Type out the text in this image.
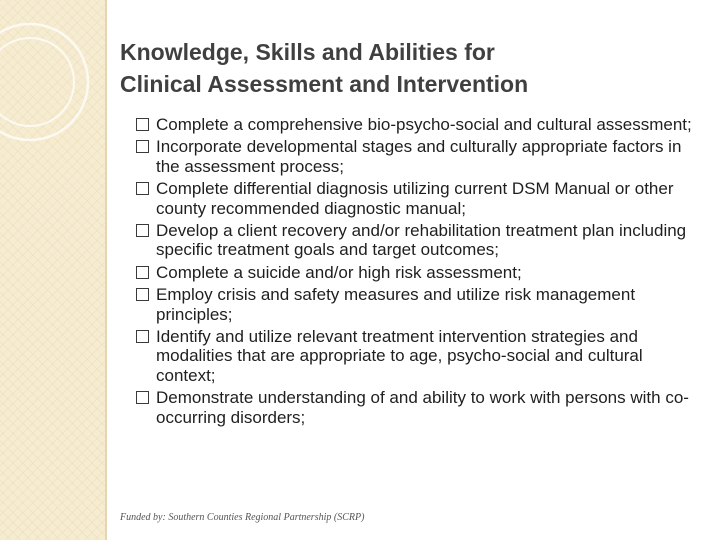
Knowledge, Skills and Abilities for
Clinical Assessment and Intervention
Complete a comprehensive bio-psycho-social and cultural assessment;
Incorporate developmental stages and culturally appropriate factors in the assessment process;
Complete differential diagnosis utilizing current DSM Manual or other county recommended diagnostic manual;
Develop a client recovery and/or rehabilitation treatment plan including specific treatment goals and target outcomes;
Complete a suicide and/or high risk assessment;
Employ crisis and safety measures and utilize risk management principles;
Identify and utilize relevant treatment intervention strategies and modalities that are appropriate to age, psycho-social and cultural context;
Demonstrate understanding of and ability to work with persons with co-occurring disorders;
Funded by: Southern Counties Regional Partnership (SCRP)
